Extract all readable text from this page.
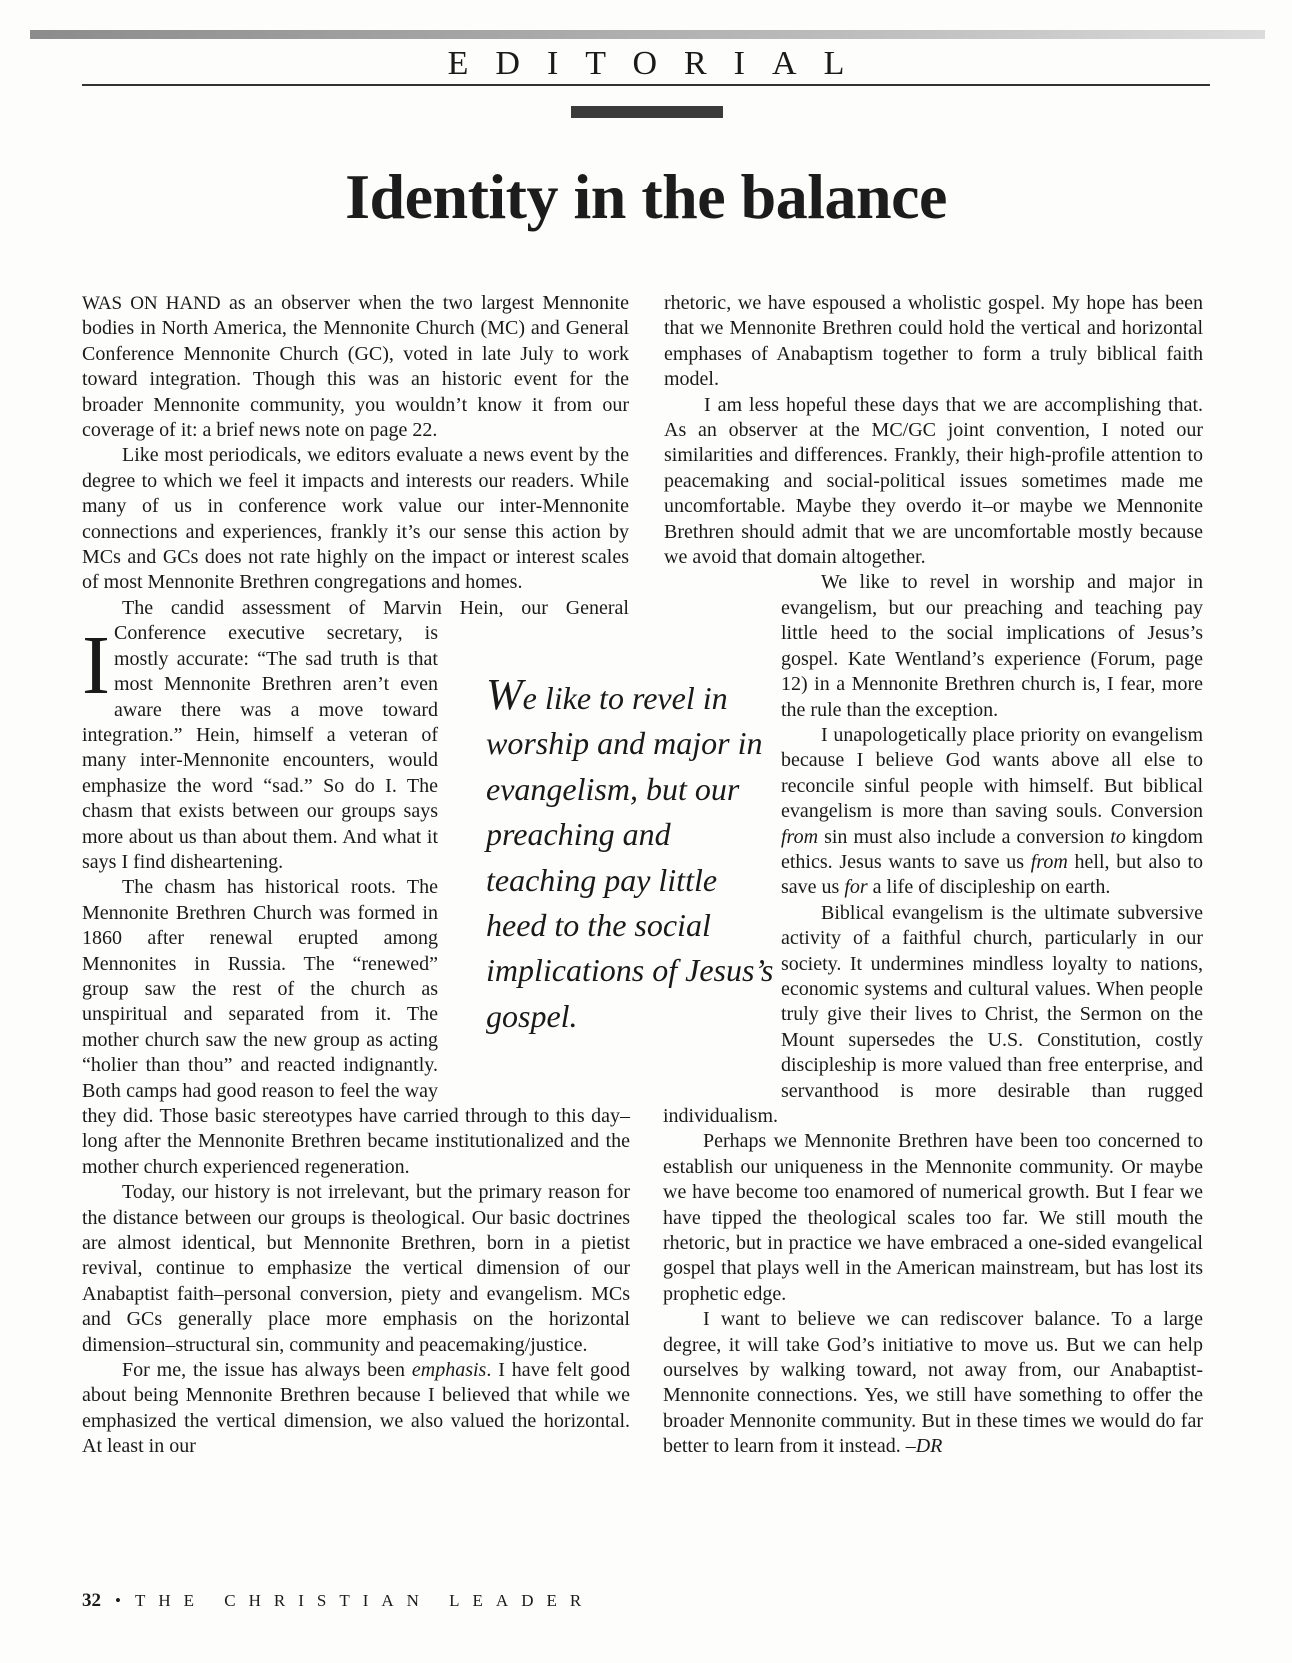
EDITORIAL
Identity in the balance

I
WAS ON HAND as an observer when the two largest Mennonite bodies in North America, the Mennonite Church (MC) and General Conference Mennonite Church (GC), voted in late July to work toward integration. Though this was an historic event for the broader Mennonite community, you wouldn’t know it from our coverage of it: a brief news note on page 22.

Like most periodicals, we editors evaluate a news event by the degree to which we feel it impacts and interests our readers. While many of us in conference work value our inter-Mennonite connections and experiences, frankly it’s our sense this action by MCs and GCs does not rate highly on the impact or interest scales of most Mennonite Brethren congregations and homes.

The candid assessment of Marvin Hein, our General Conference executive secretary, is mostly accurate: “The sad truth is that most Mennonite Brethren aren’t even aware there was a move toward integration.” Hein, himself a veteran of many inter-Mennonite encounters, would emphasize the word “sad.” So do I. The chasm that exists between our groups says more about us than about them. And what it says I find disheartening.

The chasm has historical roots. The Mennonite Brethren Church was formed in 1860 after renewal erupted among Mennonites in Russia. The “renewed” group saw the rest of the church as unspiritual and separated from it. The mother church saw the new group as acting “holier than thou” and reacted indignantly. Both camps had good reason to feel the way they did. Those basic stereotypes have carried through to this day–long after the Mennonite Brethren became institutionalized and the mother church experienced regeneration.

Today, our history is not irrelevant, but the primary reason for the distance between our groups is theological. Our basic doctrines are almost identical, but Mennonite Brethren, born in a pietist revival, continue to emphasize the vertical dimension of our Anabaptist faith–personal conversion, piety and evangelism. MCs and GCs generally place more emphasis on the horizontal dimension–structural sin, community and peacemaking/justice.

For me, the issue has always been emphasis. I have felt good about being Mennonite Brethren because I believed that while we emphasized the vertical dimension, we also valued the horizontal. At least in our

rhetoric, we have espoused a wholistic gospel. My hope has been that we Mennonite Brethren could hold the vertical and horizontal emphases of Anabaptism together to form a truly biblical faith model.

I am less hopeful these days that we are accomplishing that. As an observer at the MC/GC joint convention, I noted our similarities and differences. Frankly, their high-profile attention to peacemaking and social-political issues sometimes made me uncomfortable. Maybe they overdo it–or maybe we Mennonite Brethren should admit that we are uncomfortable mostly because we avoid that domain altogether.

We like to revel in worship and major in evangelism, but our preaching and teaching pay little heed to the social implications of Jesus’s gospel. Kate Wentland’s experience (Forum, page 12) in a Mennonite Brethren church is, I fear, more the rule than the exception.

I unapologetically place priority on evangelism because I believe God wants above all else to reconcile sinful people with himself. But biblical evangelism is more than saving souls. Conversion from sin must also include a conversion to kingdom ethics. Jesus wants to save us from hell, but also to save us for a life of discipleship on earth.

Biblical evangelism is the ultimate subversive activity of a faithful church, particularly in our society. It undermines mindless loyalty to nations, economic systems and cultural values. When people truly give their lives to Christ, the Sermon on the Mount supersedes the U.S. Constitution, costly discipleship is more valued than free enterprise, and servanthood is more desirable than rugged individualism.

Perhaps we Mennonite Brethren have been too concerned to establish our uniqueness in the Mennonite community. Or maybe we have become too enamored of numerical growth. But I fear we have tipped the theological scales too far. We still mouth the rhetoric, but in practice we have embraced a one-sided evangelical gospel that plays well in the American mainstream, but has lost its prophetic edge.

I want to believe we can rediscover balance. To a large degree, it will take God’s initiative to move us. But we can help ourselves by walking toward, not away from, our Anabaptist-Mennonite connections. Yes, we still have something to offer the broader Mennonite community. But in these times we would do far better to learn from it instead. –DR

We like to revel in worship and major in evangelism, but our preaching and teaching pay little heed to the social implications of Jesus’s gospel.
32 • THE CHRISTIAN LEADER
